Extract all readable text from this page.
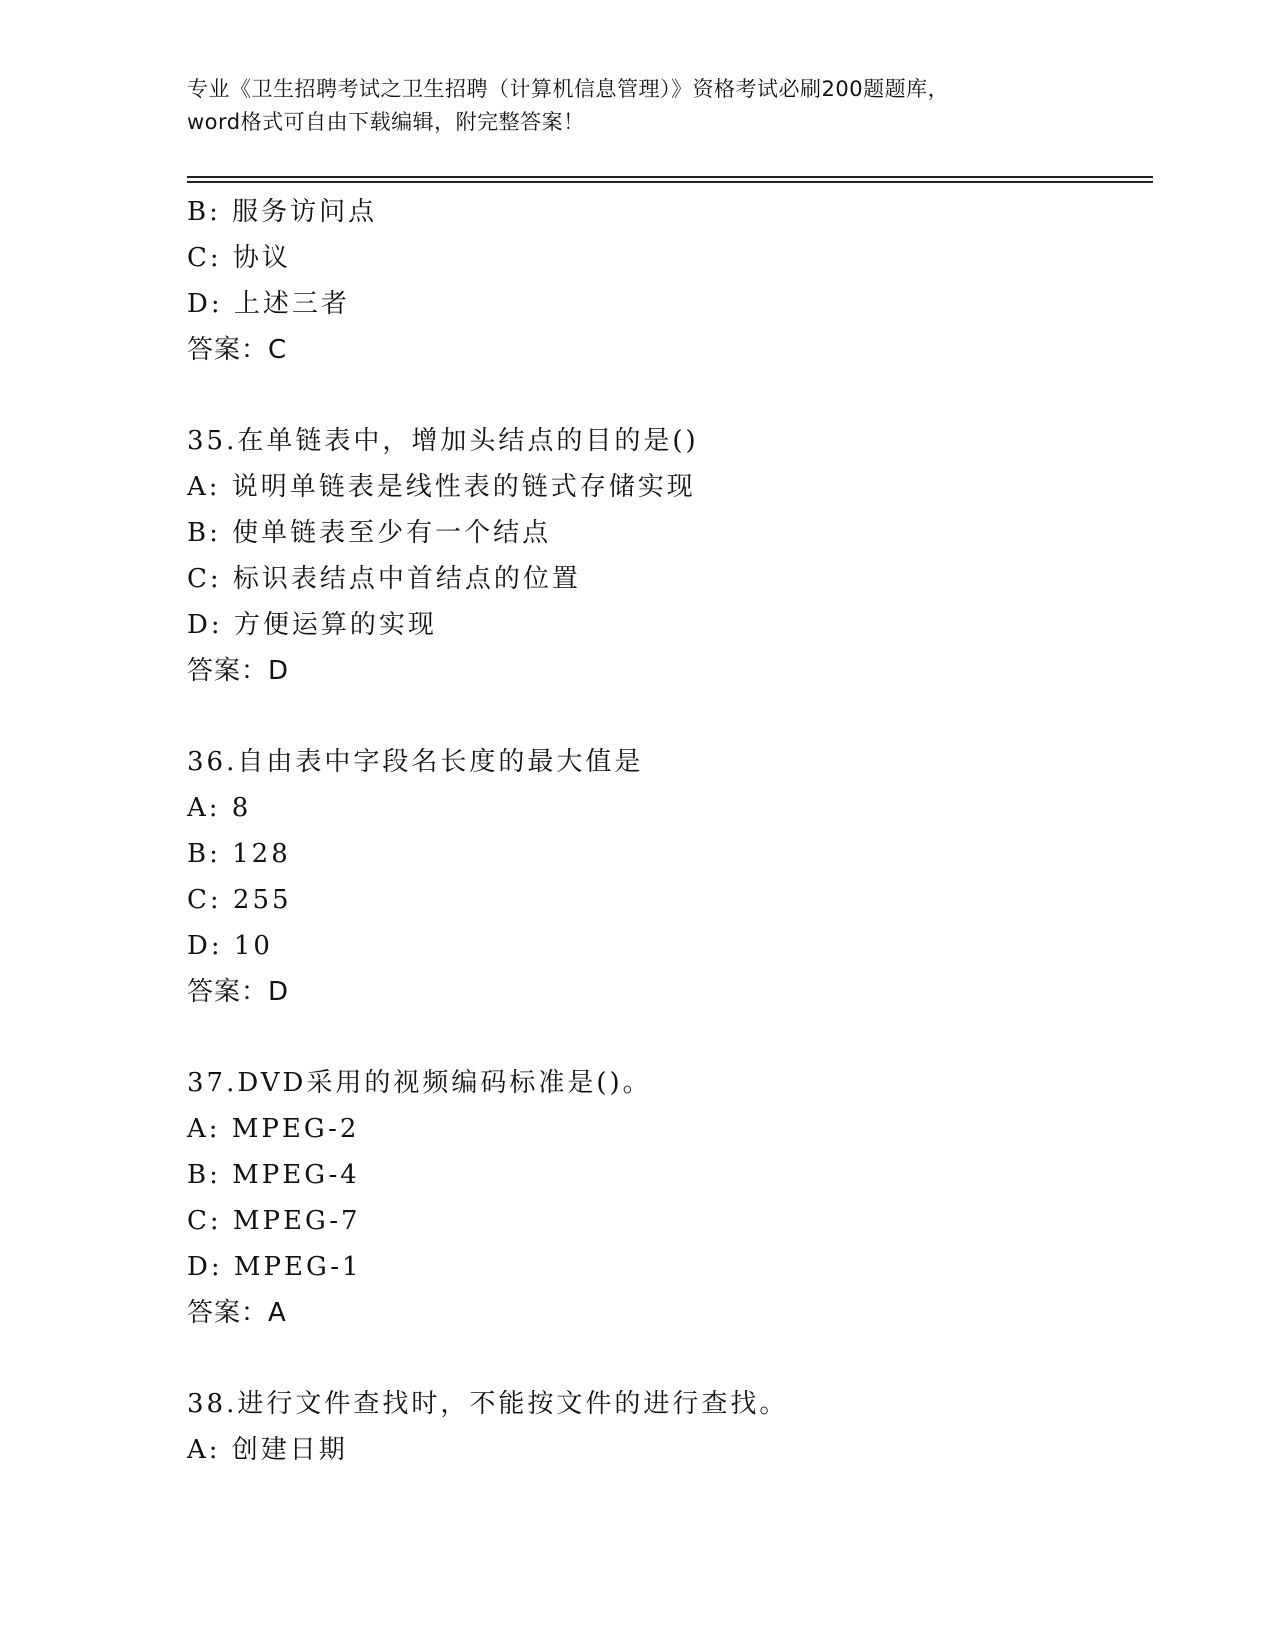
专业《卫生招聘考试之卫生招聘（计算机信息管理）》资格考试必刷200题题库，
word格式可自由下载编辑，附完整答案！
B: 服务访问点
C: 协议
D: 上述三者
答案：C
35.在单链表中，增加头结点的目的是()
A: 说明单链表是线性表的链式存储实现
B: 使单链表至少有一个结点
C: 标识表结点中首结点的位置
D: 方便运算的实现
答案：D
36.自由表中字段名长度的最大值是
A: 8
B: 128
C: 255
D: 10
答案：D
37.DVD采用的视频编码标准是()。
A: MPEG-2
B: MPEG-4
C: MPEG-7
D: MPEG-1
答案：A
38.进行文件查找时，不能按文件的进行查找。
A: 创建日期
